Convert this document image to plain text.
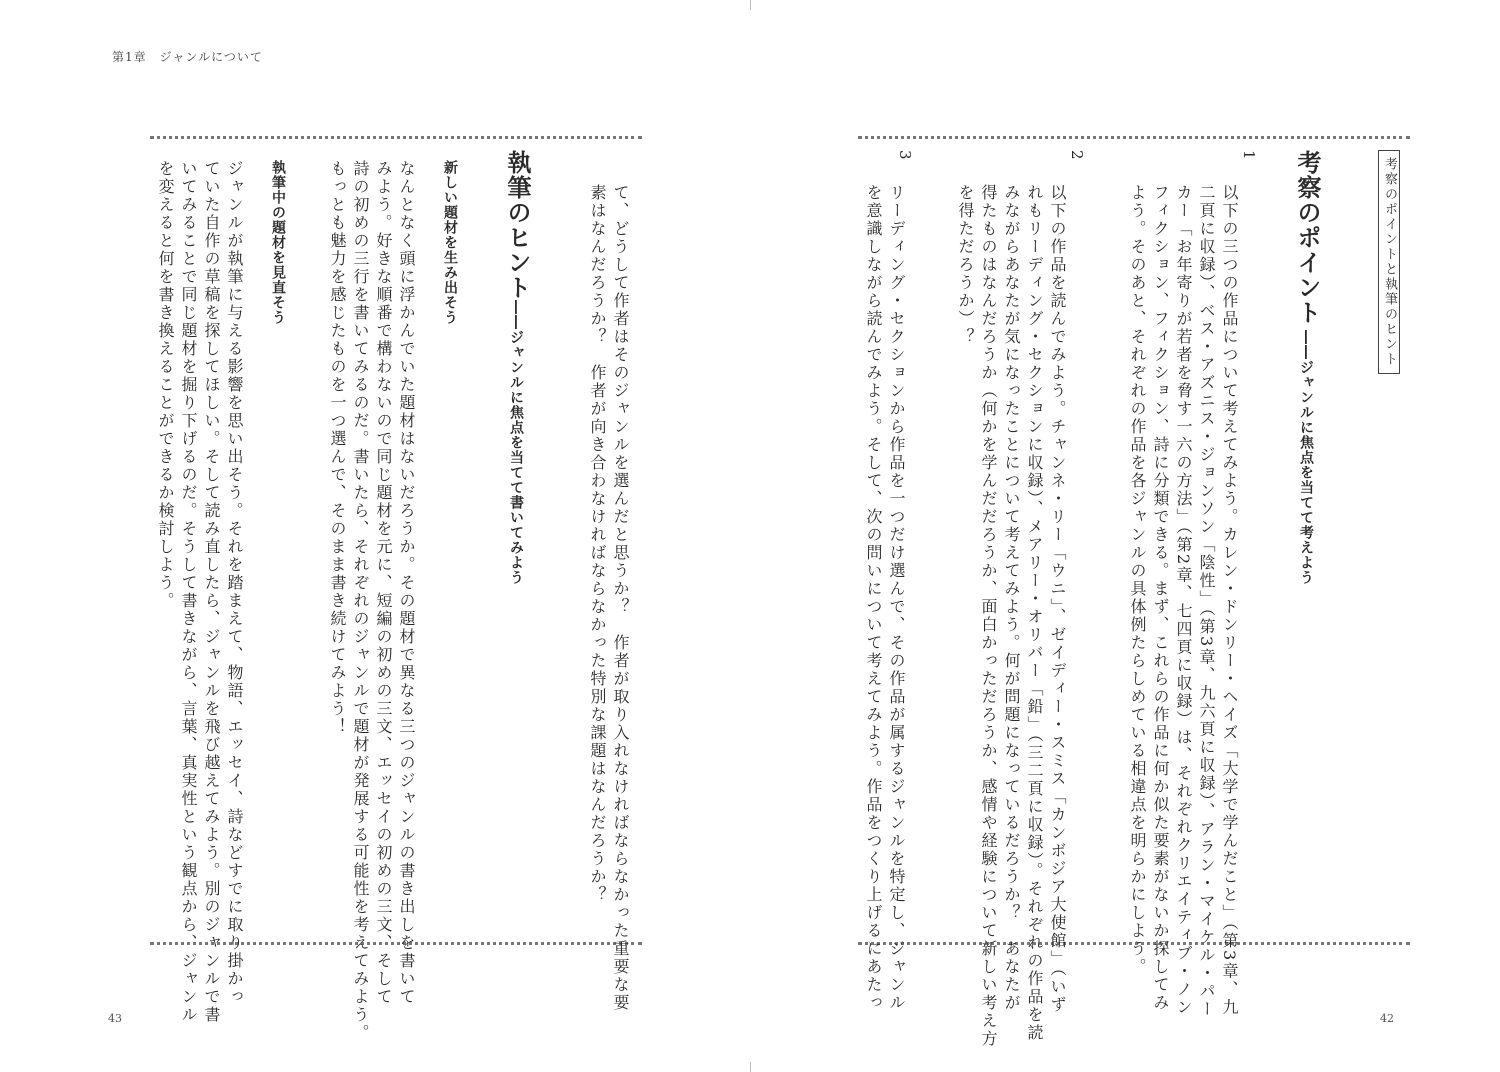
第1章　ジャンルについて
43	42
考察のポイントと執筆のヒント
考察のポイント
――ジャンルに焦点を当てて考えよう
1
以下の三つの作品について考えてみよう。カレン・ドンリー・ヘイズ「大学で学んだこと」（第3章、九
二頁に収録）、ベス・アズニス・ジョンソン「陰性」（第3章、九六頁に収録）、アラン・マイケル・パー
カー「お年寄りが若者を脅す一六の方法」（第2章、七四頁に収録）は、それぞれクリエイティブ・ノン
フィクション、フィクション、詩に分類できる。まず、これらの作品に何か似た要素がないか探してみ
よう。そのあと、それぞれの作品を各ジャンルの具体例たらしめている相違点を明らかにしよう。
2
以下の作品を読んでみよう。チャンネ・リー「ウニ」、ゼイディー・スミス「カンボジア大使館」（いず
れもリーディング・セクションに収録）、メアリー・オリバー「鉛」（三二頁に収録）。それぞれの作品を読
みながらあなたが気になったことについて考えてみよう。何が問題になっているだろうか？　あなたが
得たものはなんだろうか（何かを学んだだろうか、面白かっただろうか、感情や経験について新しい考え方
を得ただろうか）？
3
リーディング・セクションから作品を一つだけ選んで、その作品が属するジャンルを特定し、ジャンル
を意識しながら読んでみよう。そして、次の問いについて考えてみよう。作品をつくり上げるにあたっ
て、どうして作者はそのジャンルを選んだと思うか？　作者が取り入れなければならなかった重要な要
素はなんだろうか？　作者が向き合わなければならなかった特別な課題はなんだろうか？
執筆のヒント
――ジャンルに焦点を当てて書いてみよう
新しい題材を生み出そう
なんとなく頭に浮かんでいた題材はないだろうか。その題材で異なる三つのジャンルの書き出しを書いて
みよう。好きな順番で構わないので同じ題材を元に、短編の初めの三文、エッセイの初めの三文、そして
詩の初めの三行を書いてみるのだ。書いたら、それぞれのジャンルで題材が発展する可能性を考えてみよう。
もっとも魅力を感じたものを一つ選んで、そのまま書き続けてみよう！
執筆中の題材を見直そう
ジャンルが執筆に与える影響を思い出そう。それを踏まえて、物語、エッセイ、詩などすでに取り掛かっ
ていた自作の草稿を探してほしい。そして読み直したら、ジャンルを飛び越えてみよう。別のジャンルで書
いてみることで同じ題材を掘り下げるのだ。そうして書きながら、言葉、真実性という観点から、ジャンル
を変えると何を書き換えることができるか検討しよう。
